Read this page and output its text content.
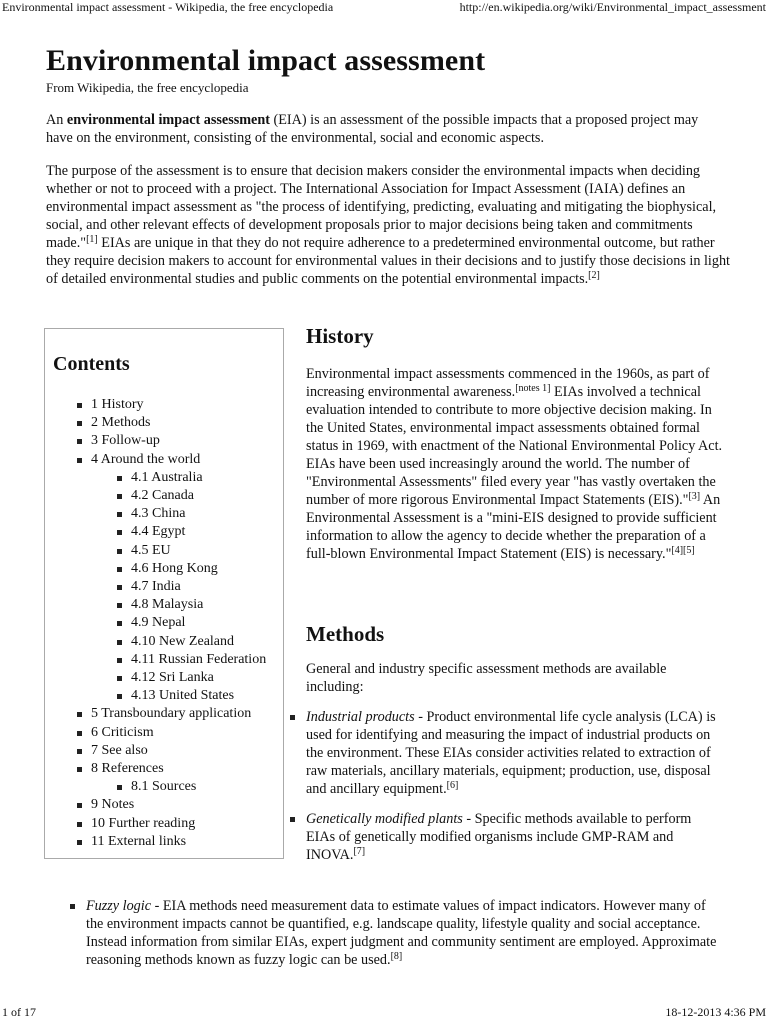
Environmental impact assessment - Wikipedia, the free encyclopedia	http://en.wikipedia.org/wiki/Environmental_impact_assessment
Environmental impact assessment
From Wikipedia, the free encyclopedia

An environmental impact assessment (EIA) is an assessment of the possible impacts that a proposed project may have on the environment, consisting of the environmental, social and economic aspects.

The purpose of the assessment is to ensure that decision makers consider the environmental impacts when deciding whether or not to proceed with a project. The International Association for Impact Assessment (IAIA) defines an environmental impact assessment as "the process of identifying, predicting, evaluating and mitigating the biophysical, social, and other relevant effects of development proposals prior to major decisions being taken and commitments made."[1] EIAs are unique in that they do not require adherence to a predetermined environmental outcome, but rather they require decision makers to account for environmental values in their decisions and to justify those decisions in light of detailed environmental studies and public comments on the potential environmental impacts.[2]

Contents
1 History
2 Methods
3 Follow-up
4 Around the world
4.1 Australia
4.2 Canada
4.3 China
4.4 Egypt
4.5 EU
4.6 Hong Kong
4.7 India
4.8 Malaysia
4.9 Nepal
4.10 New Zealand
4.11 Russian Federation
4.12 Sri Lanka
4.13 United States
5 Transboundary application
6 Criticism
7 See also
8 References
8.1 Sources
9 Notes
10 Further reading
11 External links
History

Environmental impact assessments commenced in the 1960s, as part of increasing environmental awareness.[notes 1] EIAs involved a technical evaluation intended to contribute to more objective decision making. In the United States, environmental impact assessments obtained formal status in 1969, with enactment of the National Environmental Policy Act. EIAs have been used increasingly around the world. The number of "Environmental Assessments" filed every year "has vastly overtaken the number of more rigorous Environmental Impact Statements (EIS)."[3] An Environmental Assessment is a "mini-EIS designed to provide sufficient information to allow the agency to decide whether the preparation of a full-blown Environmental Impact Statement (EIS) is necessary."[4][5]

Methods

General and industry specific assessment methods are available including:

Industrial products - Product environmental life cycle analysis (LCA) is used for identifying and measuring the impact of industrial products on the environment. These EIAs consider activities related to extraction of raw materials, ancillary materials, equipment; production, use, disposal and ancillary equipment.[6]

Genetically modified plants - Specific methods available to perform EIAs of genetically modified organisms include GMP-RAM and INOVA.[7]

Fuzzy logic - EIA methods need measurement data to estimate values of impact indicators. However many of the environment impacts cannot be quantified, e.g. landscape quality, lifestyle quality and social acceptance. Instead information from similar EIAs, expert judgment and community sentiment are employed. Approximate reasoning methods known as fuzzy logic can be used.[8]

1 of 17	18-12-2013 4:36 PM
